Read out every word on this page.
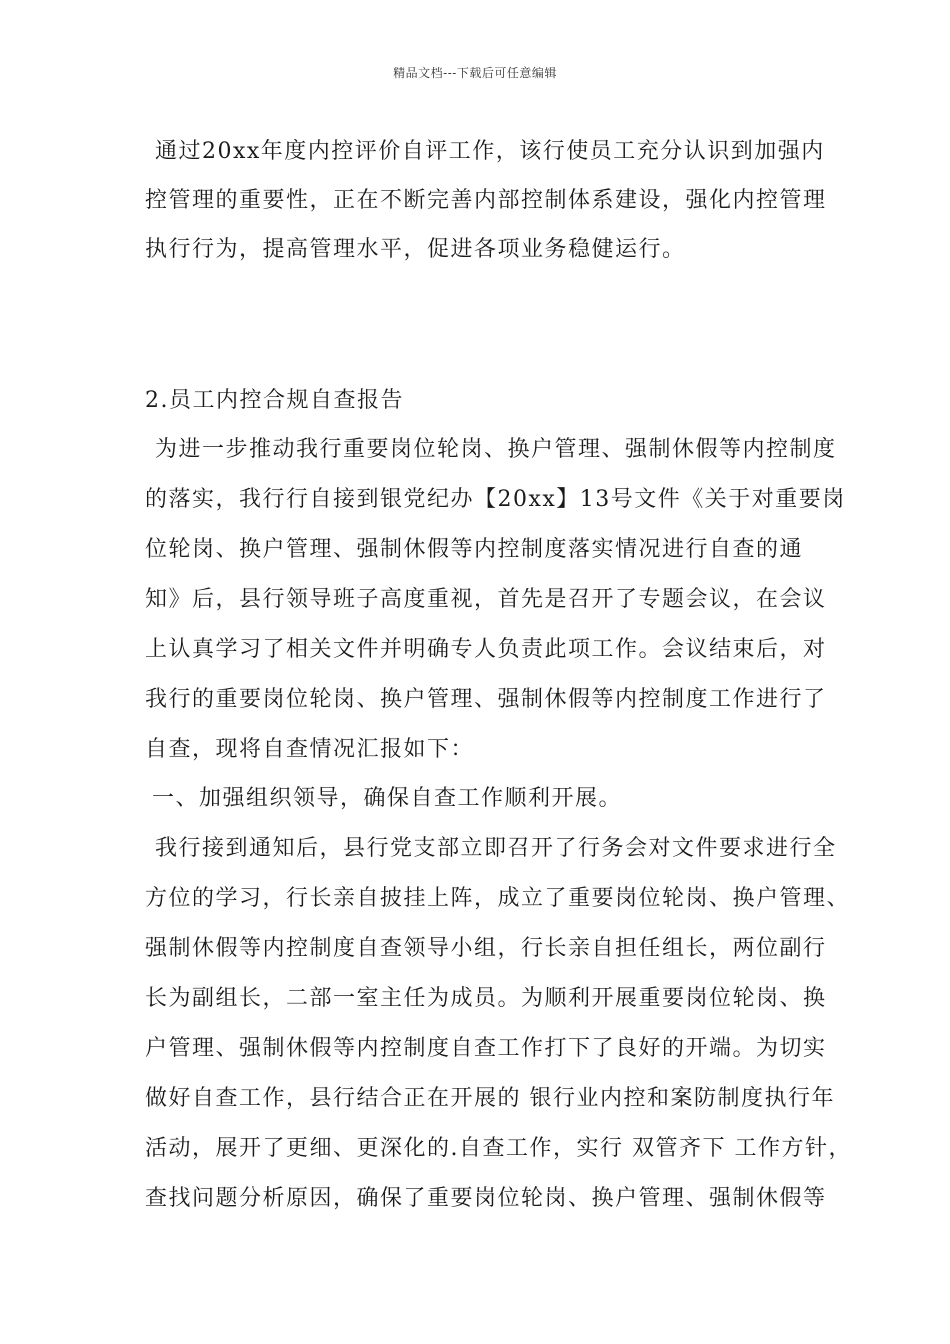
精品文档---下载后可任意编辑
通过20xx年度内控评价自评工作，该行使员工充分认识到加强内
控管理的重要性，正在不断完善内部控制体系建设，强化内控管理
执行行为，提高管理水平，促进各项业务稳健运行。
2.员工内控合规自查报告
为进一步推动我行重要岗位轮岗、换户管理、强制休假等内控制度
的落实，我行行自接到银党纪办【20xx】13号文件《关于对重要岗
位轮岗、换户管理、强制休假等内控制度落实情况进行自查的通
知》后，县行领导班子高度重视，首先是召开了专题会议，在会议
上认真学习了相关文件并明确专人负责此项工作。会议结束后，对
我行的重要岗位轮岗、换户管理、强制休假等内控制度工作进行了
自查，现将自查情况汇报如下：
一、加强组织领导，确保自查工作顺利开展。
我行接到通知后，县行党支部立即召开了行务会对文件要求进行全
方位的学习，行长亲自披挂上阵，成立了重要岗位轮岗、换户管理、
强制休假等内控制度自查领导小组，行长亲自担任组长，两位副行
长为副组长，二部一室主任为成员。为顺利开展重要岗位轮岗、换
户管理、强制休假等内控制度自查工作打下了良好的开端。为切实
做好自查工作，县行结合正在开展的 银行业内控和案防制度执行年
活动，展开了更细、更深化的.自查工作，实行 双管齐下 工作方针，
查找问题分析原因，确保了重要岗位轮岗、换户管理、强制休假等
